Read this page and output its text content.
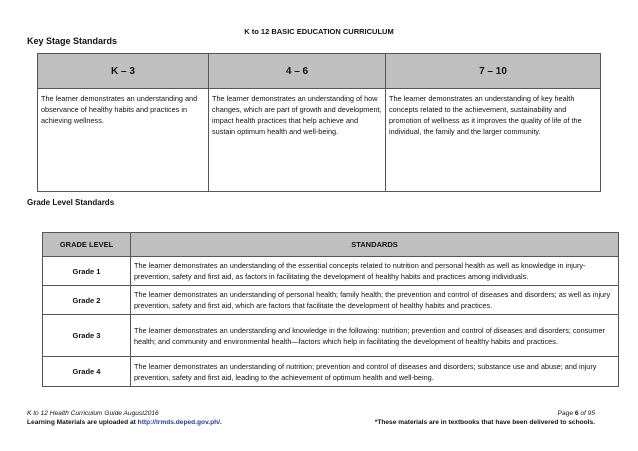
K to 12 BASIC EDUCATION CURRICULUM
Key Stage Standards
K – 3	4 – 6	7 – 10
The learner demonstrates an understanding and observance of healthy habits and practices in achieving wellness.	The learner demonstrates an understanding of how changes, which are part of growth and development, impact health practices that help achieve and sustain optimum health and well-being.	The learner demonstrates an understanding of key health concepts related to the achievement, sustainability and promotion of wellness as it improves the quality of life of the individual, the family and the larger community.
Grade Level Standards
GRADE LEVEL	STANDARDS
Grade 1	The learner demonstrates an understanding of the essential concepts related to nutrition and personal health as well as knowledge in injury-prevention, safety and first aid, as factors in facilitating the development of healthy habits and practices among individuals.
Grade 2	The learner demonstrates an understanding of personal health; family health; the prevention and control of diseases and disorders; as well as injury prevention, safety and first aid, which are factors that facilitate the development of healthy habits and practices.
Grade 3	The learner demonstrates an understanding and knowledge in the following: nutrition; prevention and control of diseases and disorders; consumer health; and community and environmental health—factors which help in facilitating the development of healthy habits and practices.
Grade 4	The learner demonstrates an understanding of nutrition; prevention and control of diseases and disorders; substance use and abuse; and injury prevention, safety and first aid, leading to the achievement of optimum health and well-being.
K to 12 Health Curriculum Guide August2016
Learning Materials are uploaded at http://lrmds.deped.gov.ph/.
Page 6 of 95
*These materials are in textbooks that have been delivered to schools.
